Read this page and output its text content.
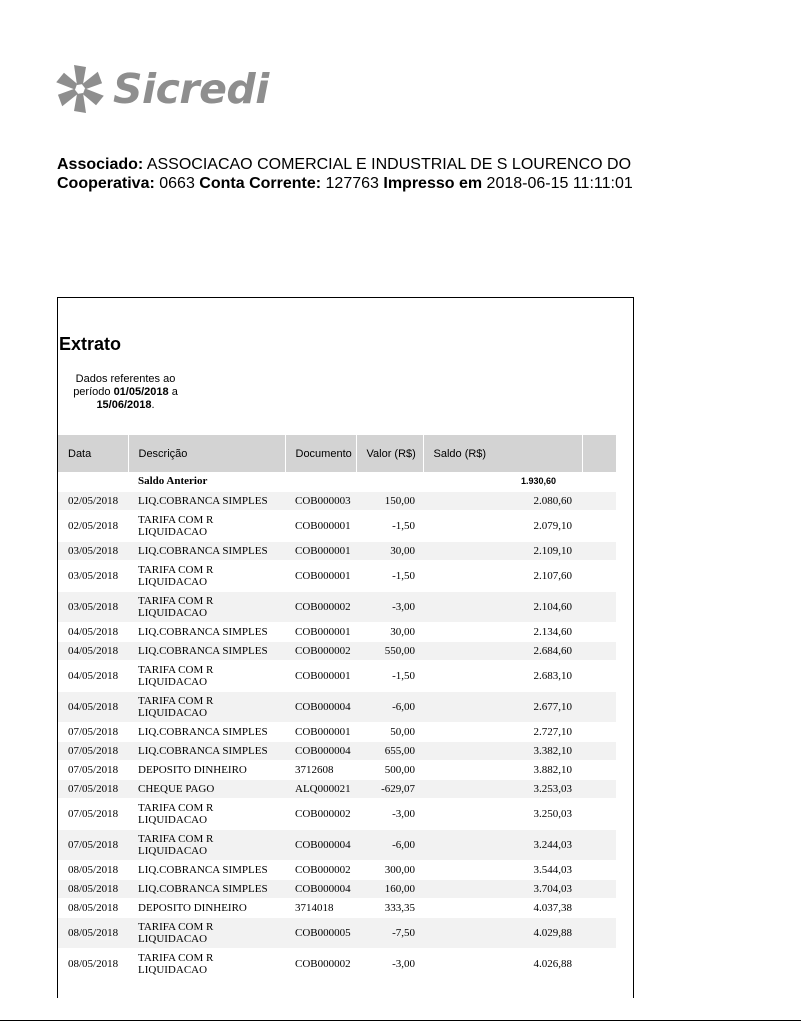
Sicredi
Associado: ASSOCIACAO COMERCIAL E INDUSTRIAL DE S LOURENCO DO
Cooperativa: 0663 Conta Corrente: 127763 Impresso em 2018-06-15 11:11:01
Extrato
Dados referentes ao período 01/05/2018 a 15/06/2018.
Data	Descrição	Documento	Valor (R$)	Saldo (R$)	
	Saldo Anterior			1.930,60	
02/05/2018	LIQ.COBRANCA SIMPLES	COB000003	150,00	2.080,60	
02/05/2018	TARIFA COM R LIQUIDACAO	COB000001	-1,50	2.079,10	
03/05/2018	LIQ.COBRANCA SIMPLES	COB000001	30,00	2.109,10	
03/05/2018	TARIFA COM R LIQUIDACAO	COB000001	-1,50	2.107,60	
03/05/2018	TARIFA COM R LIQUIDACAO	COB000002	-3,00	2.104,60	
04/05/2018	LIQ.COBRANCA SIMPLES	COB000001	30,00	2.134,60	
04/05/2018	LIQ.COBRANCA SIMPLES	COB000002	550,00	2.684,60	
04/05/2018	TARIFA COM R LIQUIDACAO	COB000001	-1,50	2.683,10	
04/05/2018	TARIFA COM R LIQUIDACAO	COB000004	-6,00	2.677,10	
07/05/2018	LIQ.COBRANCA SIMPLES	COB000001	50,00	2.727,10	
07/05/2018	LIQ.COBRANCA SIMPLES	COB000004	655,00	3.382,10	
07/05/2018	DEPOSITO DINHEIRO	3712608	500,00	3.882,10	
07/05/2018	CHEQUE PAGO	ALQ000021	-629,07	3.253,03	
07/05/2018	TARIFA COM R LIQUIDACAO	COB000002	-3,00	3.250,03	
07/05/2018	TARIFA COM R LIQUIDACAO	COB000004	-6,00	3.244,03	
08/05/2018	LIQ.COBRANCA SIMPLES	COB000002	300,00	3.544,03	
08/05/2018	LIQ.COBRANCA SIMPLES	COB000004	160,00	3.704,03	
08/05/2018	DEPOSITO DINHEIRO	3714018	333,35	4.037,38	
08/05/2018	TARIFA COM R LIQUIDACAO	COB000005	-7,50	4.029,88	
08/05/2018	TARIFA COM R LIQUIDACAO	COB000002	-3,00	4.026,88	
